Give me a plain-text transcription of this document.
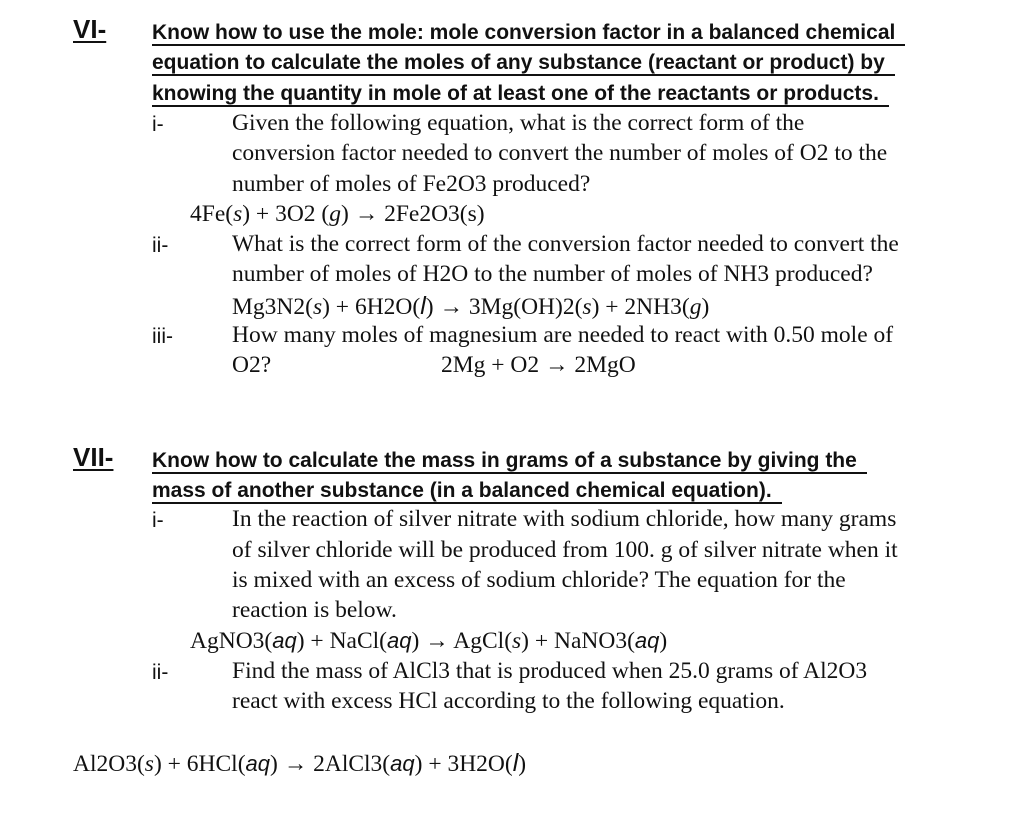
VI- Know how to use the mole: mole conversion factor in a balanced chemical
equation to calculate the moles of any substance (reactant or product) by
knowing the quantity in mole of at least one of the reactants or products.
i-	Given the following equation, what is the correct form of the
conversion factor needed to convert the number of moles of O2 to the
number of moles of Fe2O3 produced?
4Fe(s) + 3O2 (g) → 2Fe2O3(s)
ii-	What is the correct form of the conversion factor needed to convert the
number of moles of H2O to the number of moles of NH3 produced?
Mg3N2(s) + 6H2O(l) → 3Mg(OH)2(s) + 2NH3(g)
iii-	How many moles of magnesium are needed to react with 0.50 mole of
O2?	2Mg + O2 → 2MgO
VII- Know how to calculate the mass in grams of a substance by giving the
mass of another substance (in a balanced chemical equation).
i-	In the reaction of silver nitrate with sodium chloride, how many grams
of silver chloride will be produced from 100. g of silver nitrate when it
is mixed with an excess of sodium chloride? The equation for the
reaction is below.
AgNO3(aq) + NaCl(aq) → AgCl(s) + NaNO3(aq)
ii-	Find the mass of AlCl3 that is produced when 25.0 grams of Al2O3
react with excess HCl according to the following equation.
Al2O3(s) + 6HCl(aq) → 2AlCl3(aq) + 3H2O(l)
